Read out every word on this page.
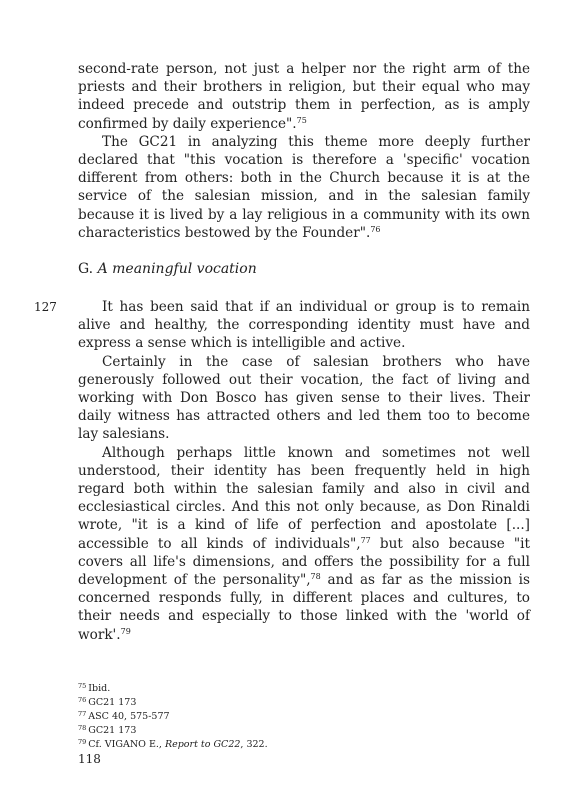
second-rate person, not just a helper nor the right arm of the priests and their brothers in religion, but their equal who may indeed precede and outstrip them in perfection, as is amply confirmed by daily experience".$^{75}$

The GC21 in analyzing this theme more deeply further declared that "this vocation is therefore a 'specific' vocation different from others: both in the Church because it is at the service of the salesian mission, and in the salesian family because it is lived by a lay religious in a community with its own characteristics bestowed by the Founder".$^{76}$

G. A meaningful vocation
127	It has been said that if an individual or group is to remain alive and healthy, the corresponding identity must have and express a sense which is intelligible and active.

Certainly in the case of salesian brothers who have generously followed out their vocation, the fact of living and working with Don Bosco has given sense to their lives. Their daily witness has attracted others and led them too to become lay salesians.

Although perhaps little known and sometimes not well understood, their identity has been frequently held in high regard both within the salesian family and also in civil and ecclesiastical circles. And this not only because, as Don Rinaldi wrote, "it is a kind of life of perfection and apostolate [...] accessible to all kinds of individuals",$^{77}$ but also because "it covers all life's dimensions, and offers the possibility for a full development of the personality",$^{78}$ and as far as the mission is concerned responds fully, in different places and cultures, to their needs and especially to those linked with the 'world of work'.$^{79}$

$^{75}$ Ibid.
$^{76}$ GC21 173
$^{77}$ ASC 40, 575-577
$^{78}$ GC21 173
$^{79}$ Cf. VIGANO E., Report to GC22, 322.
118
